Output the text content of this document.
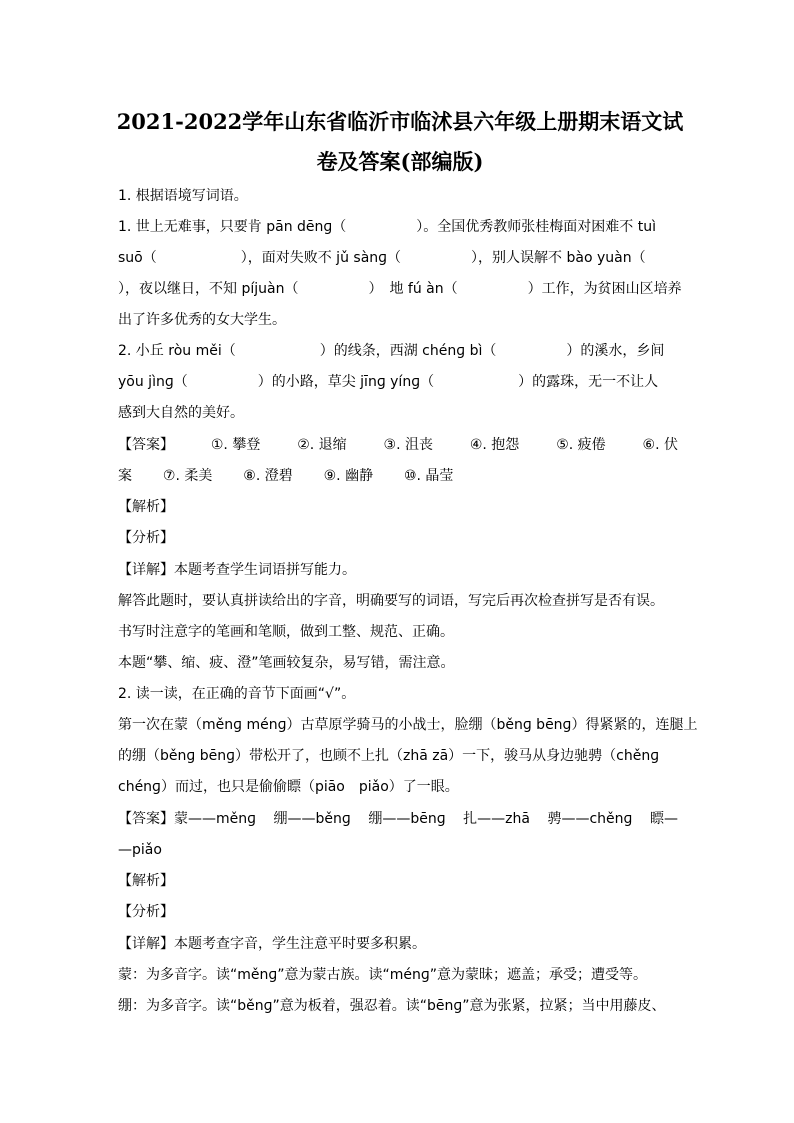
2021-2022学年山东省临沂市临沭县六年级上册期末语文试
卷及答案(部编版)
1. 根据语境写词语。
1. 世上无难事，只要肯 pān dēnɡ（　　　　　）。全国优秀教师张桂梅面对困难不 tuì
suō（　　　　　　），面对失败不 jǔ sànɡ（　　　　　），别人误解不 bào yuàn（
），夜以继日，不知 píjuàn（　　　　　）　地 fú àn（　　　　　）工作，为贫困山区培养
出了许多优秀的女大学生。
2. 小丘 ròu měi（　　　　　　）的线条，西湖 chénɡ bì（　　　　　）的溪水，乡间
yōu jìnɡ（　　　　　）的小路，草尖 jīnɡ yínɡ（　　　　　　）的露珠，无一不让人
感到大自然的美好。
【答案】	①. 攀登	②. 退缩	③. 沮丧	④. 抱怨	⑤. 疲倦	⑥. 伏
案 ⑦. 柔美 ⑧. 澄碧 ⑨. 幽静 ⑩. 晶莹
【解析】
【分析】
【详解】本题考查学生词语拼写能力。
解答此题时，要认真拼读给出的字音，明确要写的词语，写完后再次检查拼写是否有误。
书写时注意字的笔画和笔顺，做到工整、规范、正确。
本题“攀、缩、疲、澄”笔画较复杂，易写错，需注意。
2. 读一读，在正确的音节下面画“√”。
第一次在蒙（měnɡ ménɡ）古草原学骑马的小战士，脸绷（běnɡ bēnɡ）得紧紧的，连腿上
的绷（běnɡ bēnɡ）带松开了，也顾不上扎（zhā zā）一下，骏马从身边驰骋（chěnɡ
chénɡ）而过，也只是偷偷瞟（piāo　piǎo）了一眼。
【答案】蒙——měnɡ 绷——běnɡ 绷——bēnɡ 扎——zhā 骋——chěnɡ 瞟—
—piǎo
【解析】
【分析】
【详解】本题考查字音，学生注意平时要多积累。
蒙：为多音字。读“měnɡ”意为蒙古族。读“ménɡ”意为蒙昧；遮盖；承受；遭受等。
绷：为多音字。读“běnɡ”意为板着，强忍着。读“bēnɡ”意为张紧，拉紧；当中用藤皮、
